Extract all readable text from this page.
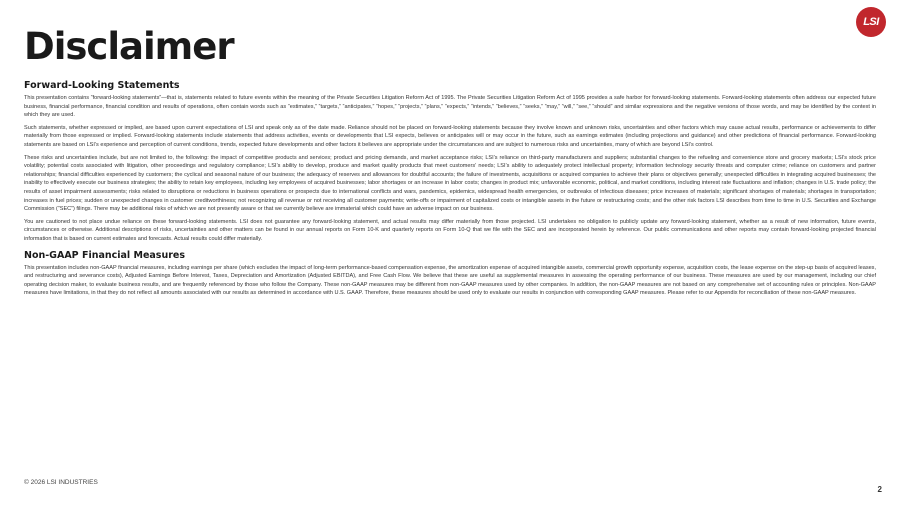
LSI
Disclaimer
Forward-Looking Statements

This presentation contains “forward-looking statements”—that is, statements related to future events within the meaning of the Private Securities Litigation Reform Act of 1995. The Private Securities Litigation Reform Act of 1995 provides a safe harbor for forward-looking statements. Forward-looking statements often address our expected future business, financial performance, financial condition and results of operations, often contain words such as “estimates,” “targets,” “anticipates,” “hopes,” “projects,” “plans,” “expects,” “intends,” “believes,” “seeks,” “may,” “will,” “see,” “should” and similar expressions and the negative versions of those words, and may be identified by the context in which they are used.

Such statements, whether expressed or implied, are based upon current expectations of LSI and speak only as of the date made. Reliance should not be placed on forward-looking statements because they involve known and unknown risks, uncertainties and other factors which may cause actual results, performance or achievements to differ materially from those expressed or implied. Forward-looking statements include statements that address activities, events or developments that LSI expects, believes or anticipates will or may occur in the future, such as earnings estimates (including projections and guidance) and other predictions of financial performance. Forward-looking statements are based on LSI’s experience and perception of current conditions, trends, expected future developments and other factors it believes are appropriate under the circumstances and are subject to numerous risks and uncertainties, many of which are beyond LSI’s control.

These risks and uncertainties include, but are not limited to, the following: the impact of competitive products and services; product and pricing demands, and market acceptance risks; LSI’s reliance on third-party manufacturers and suppliers; substantial changes to the refueling and convenience store and grocery markets; LSI’s stock price volatility; potential costs associated with litigation, other proceedings and regulatory compliance; LSI’s ability to develop, produce and market quality products that meet customers’ needs; LSI’s ability to adequately protect intellectual property; information technology security threats and computer crime; reliance on customers and partner relationships; financial difficulties experienced by customers; the cyclical and seasonal nature of our business; the adequacy of reserves and allowances for doubtful accounts; the failure of investments, acquisitions or acquired companies to achieve their plans or objectives generally; unexpected difficulties in integrating acquired businesses; the inability to effectively execute our business strategies; the ability to retain key employees, including key employees of acquired businesses; labor shortages or an increase in labor costs; changes in product mix; unfavorable economic, political, and market conditions, including interest rate fluctuations and inflation; changes in U.S. trade policy; the results of asset impairment assessments; risks related to disruptions or reductions in business operations or prospects due to international conflicts and wars, pandemics, epidemics, widespread health emergencies, or outbreaks of infectious diseases; price increases of materials; significant shortages of materials; shortages in transportation; increases in fuel prices; sudden or unexpected changes in customer creditworthiness; not recognizing all revenue or not receiving all customer payments; write-offs or impairment of capitalized costs or intangible assets in the future or restructuring costs; and the other risk factors LSI describes from time to time in U.S. Securities and Exchange Commission (“SEC”) filings. There may be additional risks of which we are not presently aware or that we currently believe are immaterial which could have an adverse impact on our business.

You are cautioned to not place undue reliance on these forward-looking statements. LSI does not guarantee any forward-looking statement, and actual results may differ materially from those projected. LSI undertakes no obligation to publicly update any forward-looking statement, whether as a result of new information, future events, circumstances or otherwise. Additional descriptions of risks, uncertainties and other matters can be found in our annual reports on Form 10-K and quarterly reports on Form 10-Q that we file with the SEC and are incorporated herein by reference. Our public communications and other reports may contain forward-looking projected financial information that is based on current estimates and forecasts. Actual results could differ materially.

Non-GAAP Financial Measures

This presentation includes non-GAAP financial measures, including earnings per share (which excludes the impact of long-term performance-based compensation expense, the amortization expense of acquired intangible assets, commercial growth opportunity expense, acquisition costs, the lease expense on the step-up basis of acquired leases, and restructuring and severance costs), Adjusted Earnings Before Interest, Taxes, Depreciation and Amortization (Adjusted EBITDA), and Free Cash Flow. We believe that these are useful as supplemental measures in assessing the operating performance of our business. These measures are used by our management, including our chief operating decision maker, to evaluate business results, and are frequently referenced by those who follow the Company. These non-GAAP measures may be different from non-GAAP measures used by other companies. In addition, the non-GAAP measures are not based on any comprehensive set of accounting rules or principles. Non-GAAP measures have limitations, in that they do not reflect all amounts associated with our results as determined in accordance with U.S. GAAP. Therefore, these measures should be used only to evaluate our results in conjunction with corresponding GAAP measures. Please refer to our Appendix for reconciliation of these non-GAAP measures.

© 2026 LSI INDUSTRIES
2
